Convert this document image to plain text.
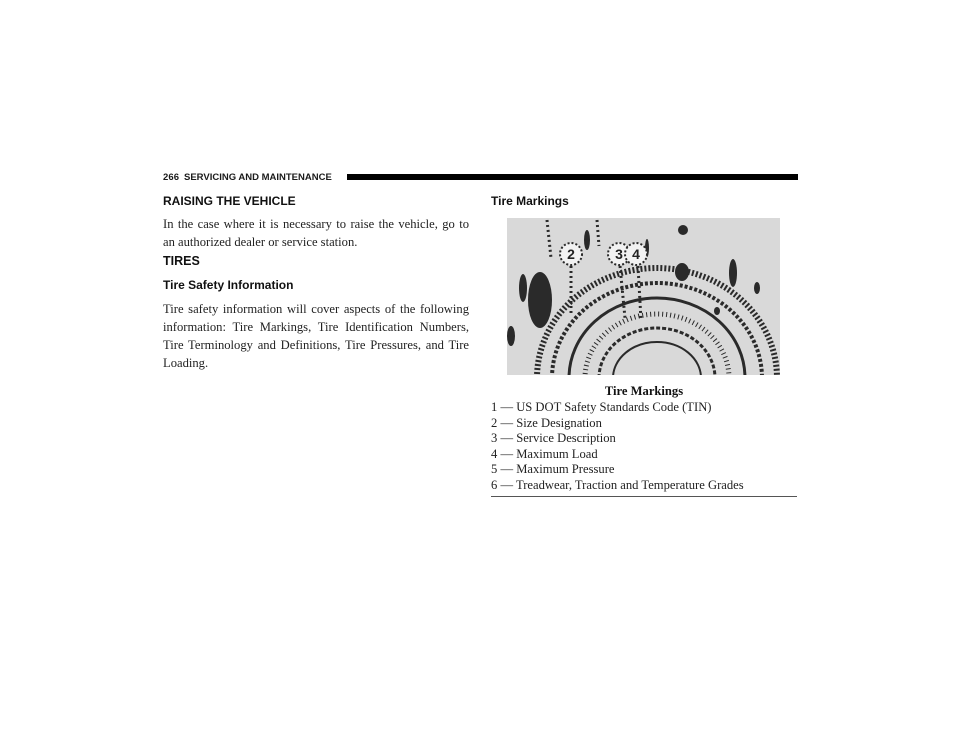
266 SERVICING AND MAINTENANCE
RAISING THE VEHICLE
In the case where it is necessary to raise the vehicle, go to an authorized dealer or service station.
TIRES
Tire Safety Information
Tire safety information will cover aspects of the following information: Tire Markings, Tire Identification Numbers, Tire Terminology and Definitions, Tire Pressures, and Tire Loading.
Tire Markings
2	3 4
Tire Markings
1 — US DOT Safety Standards Code (TIN)
2 — Size Designation
3 — Service Description
4 — Maximum Load
5 — Maximum Pressure
6 — Treadwear, Traction and Temperature Grades
